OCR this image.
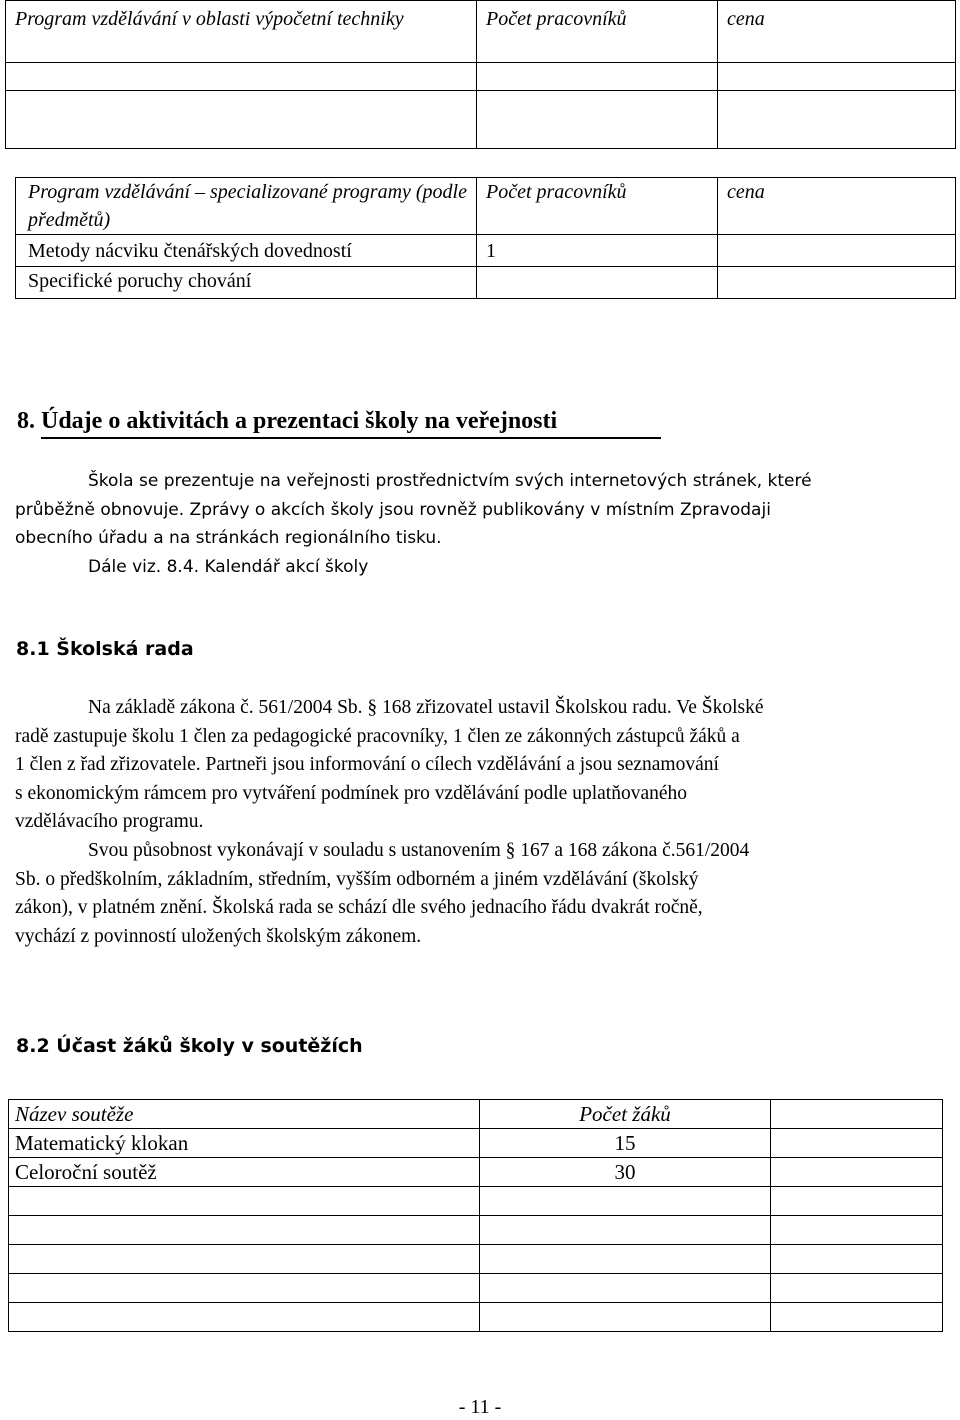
Program vzdělávání v oblasti výpočetní techniky	Počet pracovníků	cena

Program vzdělávání – specializované programy (podle předmětů)	Počet pracovníků	cena

Metody nácviku čtenářských dovedností	1	

Specifické poruchy chování		

8. Údaje o aktivitách a prezentaci školy na veřejnosti
Škola se prezentuje na veřejnosti prostřednictvím svých internetových stránek, které
průběžně obnovuje. Zprávy o akcích školy jsou rovněž publikovány v místním Zpravodaji
obecního úřadu a na stránkách regionálního tisku.
Dále viz. 8.4. Kalendář akcí školy
8.1 Školská rada
Na základě zákona č. 561/2004 Sb. § 168 zřizovatel ustavil Školskou radu. Ve Školské
radě zastupuje školu 1 člen za pedagogické pracovníky, 1 člen ze zákonných zástupců žáků a
1 člen z řad zřizovatele. Partneři jsou informování o cílech vzdělávání a jsou seznamování
s ekonomickým rámcem pro vytváření podmínek pro vzdělávání podle uplatňovaného
vzdělávacího programu.
Svou působnost vykonávají v souladu s ustanovením § 167 a 168 zákona č.561/2004
Sb. o předškolním, základním, středním, vyšším odborném a jiném vzdělávání (školský
zákon), v platném znění. Školská rada se schází dle svého jednacího řádu dvakrát ročně,
vychází z povinností uložených školským zákonem.
8.2 Účast žáků školy v soutěžích
Název soutěže	Počet žáků	

Matematický klokan	15	

Celoroční soutěž	30	

- 11 -
